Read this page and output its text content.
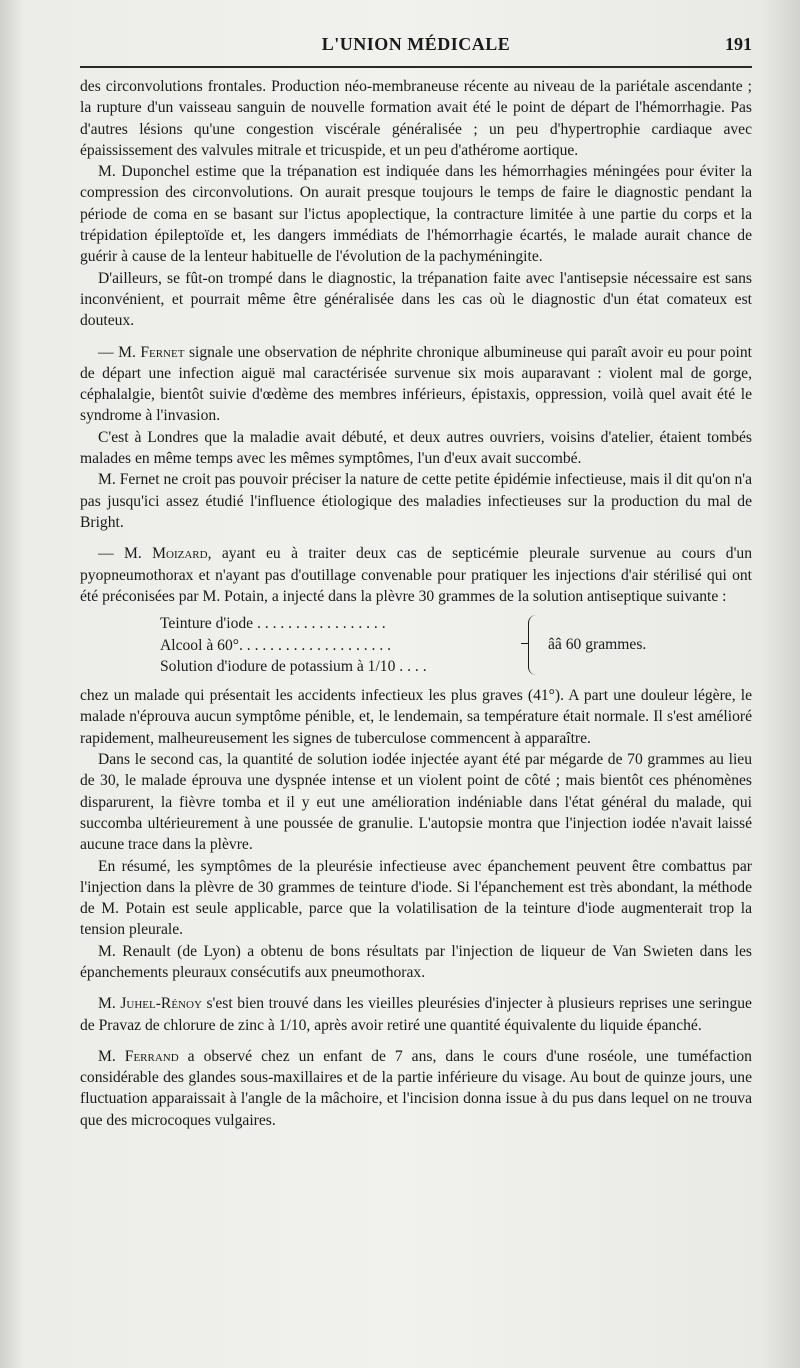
L'UNION MÉDICALE	191

des circonvolutions frontales. Production néo-membraneuse récente au niveau de la pariétale ascendante ; la rupture d'un vaisseau sanguin de nouvelle formation avait été le point de départ de l'hémorrhagie. Pas d'autres lésions qu'une congestion viscérale généralisée ; un peu d'hypertrophie cardiaque avec épaississement des valvules mitrale et tricuspide, et un peu d'athérome aortique.

M. Duponchel estime que la trépanation est indiquée dans les hémorrhagies méningées pour éviter la compression des circonvolutions. On aurait presque toujours le temps de faire le diagnostic pendant la période de coma en se basant sur l'ictus apoplectique, la contracture limitée à une partie du corps et la trépidation épileptoïde et, les dangers immédiats de l'hémorrhagie écartés, le malade aurait chance de guérir à cause de la lenteur habituelle de l'évolution de la pachyméningite.

D'ailleurs, se fût-on trompé dans le diagnostic, la trépanation faite avec l'antisepsie nécessaire est sans inconvénient, et pourrait même être généralisée dans les cas où le diagnostic d'un état comateux est douteux.

— M. Fernet signale une observation de néphrite chronique albumineuse qui paraît avoir eu pour point de départ une infection aiguë mal caractérisée survenue six mois auparavant : violent mal de gorge, céphalalgie, bientôt suivie d'œdème des membres inférieurs, épistaxis, oppression, voilà quel avait été le syndrome à l'invasion.

C'est à Londres que la maladie avait débuté, et deux autres ouvriers, voisins d'atelier, étaient tombés malades en même temps avec les mêmes symptômes, l'un d'eux avait succombé.

M. Fernet ne croit pas pouvoir préciser la nature de cette petite épidémie infectieuse, mais il dit qu'on n'a pas jusqu'ici assez étudié l'influence étiologique des maladies infectieuses sur la production du mal de Bright.

— M. Moizard, ayant eu à traiter deux cas de septicémie pleurale survenue au cours d'un pyopneumothorax et n'ayant pas d'outillage convenable pour pratiquer les injections d'air stérilisé qui ont été préconisées par M. Potain, a injecté dans la plèvre 30 grammes de la solution antiseptique suivante :

Teinture d'iode . . . . . . . . . . . . . . . . .
Alcool à 60°. . . . . . . . . . . . . . . . . . . .
Solution d'iodure de potassium à 1/10 . . . .
ââ 60 grammes.

chez un malade qui présentait les accidents infectieux les plus graves (41°). A part une douleur légère, le malade n'éprouva aucun symptôme pénible, et, le lendemain, sa température était normale. Il s'est amélioré rapidement, malheureusement les signes de tuberculose commencent à apparaître.

Dans le second cas, la quantité de solution iodée injectée ayant été par mégarde de 70 grammes au lieu de 30, le malade éprouva une dyspnée intense et un violent point de côté ; mais bientôt ces phénomènes disparurent, la fièvre tomba et il y eut une amélioration indéniable dans l'état général du malade, qui succomba ultérieurement à une poussée de granulie. L'autopsie montra que l'injection iodée n'avait laissé aucune trace dans la plèvre.

En résumé, les symptômes de la pleurésie infectieuse avec épanchement peuvent être combattus par l'injection dans la plèvre de 30 grammes de teinture d'iode. Si l'épanchement est très abondant, la méthode de M. Potain est seule applicable, parce que la volatilisation de la teinture d'iode augmenterait trop la tension pleurale.

M. Renault (de Lyon) a obtenu de bons résultats par l'injection de liqueur de Van Swieten dans les épanchements pleuraux consécutifs aux pneumothorax.

M. Juhel-Rénoy s'est bien trouvé dans les vieilles pleurésies d'injecter à plusieurs reprises une seringue de Pravaz de chlorure de zinc à 1/10, après avoir retiré une quantité équivalente du liquide épanché.

M. Ferrand a observé chez un enfant de 7 ans, dans le cours d'une roséole, une tuméfaction considérable des glandes sous-maxillaires et de la partie inférieure du visage. Au bout de quinze jours, une fluctuation apparaissait à l'angle de la mâchoire, et l'incision donna issue à du pus dans lequel on ne trouva que des microcoques vulgaires.
